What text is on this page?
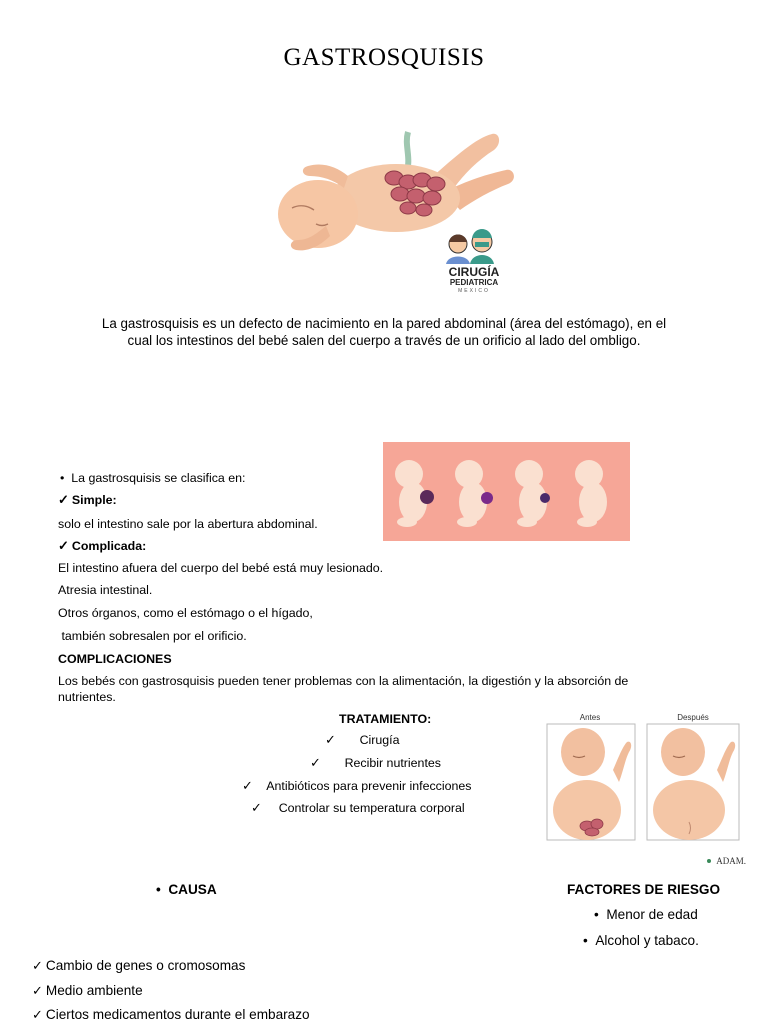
GASTROSQUISIS
CIRUGÍA
PEDIATRICA
MEXICO
La gastrosquisis es un defecto de nacimiento en la pared abdominal (área del estómago), en el cual los intestinos del bebé salen del cuerpo a través de un orificio al lado del ombligo.
• La gastrosquisis se clasifica en:
✓ Simple:
solo el intestino sale por la abertura abdominal.
✓ Complicada:
El intestino afuera del cuerpo del bebé está muy lesionado.
Atresia intestinal.
Otros órganos, como el estómago o el hígado,
también sobresalen por el orificio.
COMPLICACIONES
Los bebés con gastrosquisis pueden tener problemas con la alimentación, la digestión y la absorción de
nutrientes.
TRATAMIENTO:
✓ Cirugía
✓ Recibir nutrientes
✓ Antibióticos para prevenir infecciones
✓ Controlar su temperatura corporal
Antes	Después
ADAM.
• CAUSA	FACTORES DE RIESGO
• Menor de edad
• Alcohol y tabaco.
✓ Cambio de genes o cromosomas
✓ Medio ambiente
✓ Ciertos medicamentos durante el embarazo
